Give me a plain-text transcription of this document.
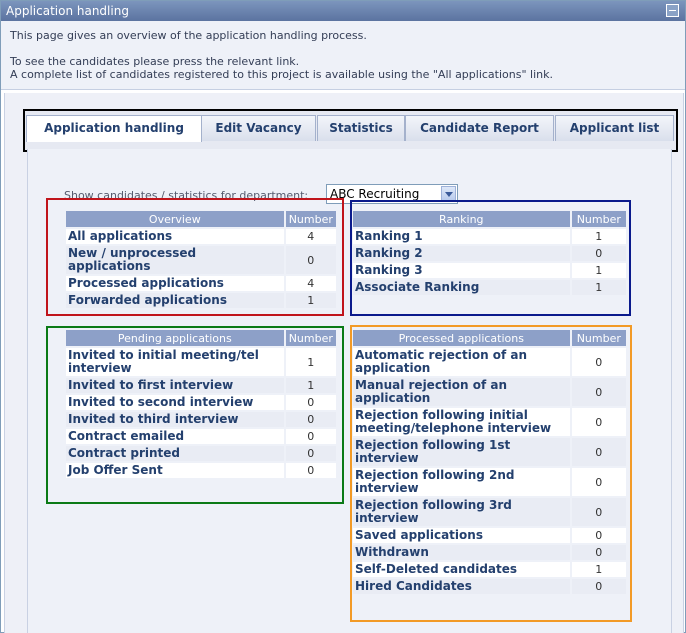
Application handling
This page gives an overview of the application handling process.
To see the candidates please press the relevant link.
A complete list of candidates registered to this project is available using the "All applications" link.
Application handling	Edit Vacancy	Statistics	Candidate Report	Applicant list
Show candidates / statistics for department: ABC Recruiting
Overview	Number
All applications	4
New / unprocessed applications	0
Processed applications	4
Forwarded applications	1
Ranking	Number
Ranking 1	1
Ranking 2	0
Ranking 3	1
Associate Ranking	1
Pending applications	Number
Invited to initial meeting/tel interview	1
Invited to first interview	1
Invited to second interview	0
Invited to third interview	0
Contract emailed	0
Contract printed	0
Job Offer Sent	0
Processed applications	Number
Automatic rejection of an application	0
Manual rejection of an application	0
Rejection following initial meeting/telephone interview	0
Rejection following 1st interview	0
Rejection following 2nd interview	0
Rejection following 3rd interview	0
Saved applications	0
Withdrawn	0
Self-Deleted candidates	1
Hired Candidates	0
